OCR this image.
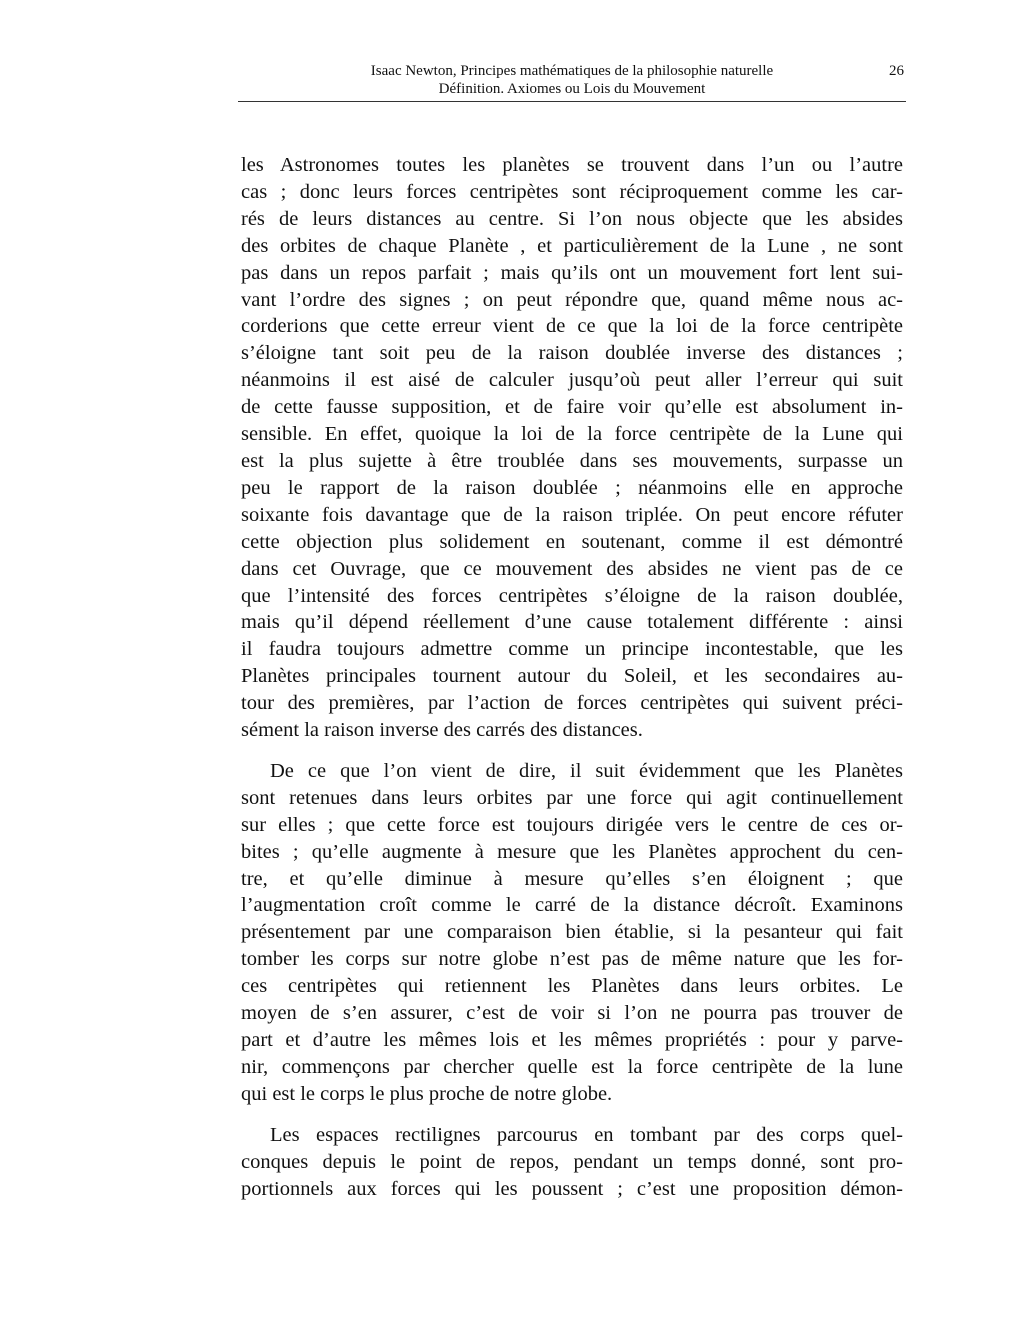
Isaac Newton, Principes mathématiques de la philosophie naturelle
Définition. Axiomes ou Lois du Mouvement
26

les Astronomes toutes les planètes se trouvent dans l’un ou l’autre
cas ; donc leurs forces centripètes sont réciproquement comme les car-
rés de leurs distances au centre. Si l’on nous objecte que les absides
des orbites de chaque Planète , et particulièrement de la Lune , ne sont
pas dans un repos parfait ; mais qu’ils ont un mouvement fort lent sui-
vant l’ordre des signes ; on peut répondre que, quand même nous ac-
corderions que cette erreur vient de ce que la loi de la force centripète
s’éloigne tant soit peu de la raison doublée inverse des distances ;
néanmoins il est aisé de calculer jusqu’où peut aller l’erreur qui suit
de cette fausse supposition, et de faire voir qu’elle est absolument in-
sensible. En effet, quoique la loi de la force centripète de la Lune qui
est la plus sujette à être troublée dans ses mouvements, surpasse un
peu le rapport de la raison doublée ; néanmoins elle en approche
soixante fois davantage que de la raison triplée. On peut encore réfuter
cette objection plus solidement en soutenant, comme il est démontré
dans cet Ouvrage, que ce mouvement des absides ne vient pas de ce
que l’intensité des forces centripètes s’éloigne de la raison doublée,
mais qu’il dépend réellement d’une cause totalement différente : ainsi
il faudra toujours admettre comme un principe incontestable, que les
Planètes principales tournent autour du Soleil, et les secondaires au-
tour des premières, par l’action de forces centripètes qui suivent préci-
sément la raison inverse des carrés des distances.

De ce que l’on vient de dire, il suit évidemment que les Planètes
sont retenues dans leurs orbites par une force qui agit continuellement
sur elles ; que cette force est toujours dirigée vers le centre de ces or-
bites ; qu’elle augmente à mesure que les Planètes approchent du cen-
tre, et qu’elle diminue à mesure qu’elles s’en éloignent ; que
l’augmentation croît comme le carré de la distance décroît. Examinons
présentement par une comparaison bien établie, si la pesanteur qui fait
tomber les corps sur notre globe n’est pas de même nature que les for-
ces centripètes qui retiennent les Planètes dans leurs orbites. Le
moyen de s’en assurer, c’est de voir si l’on ne pourra pas trouver de
part et d’autre les mêmes lois et les mêmes propriétés : pour y parve-
nir, commençons par chercher quelle est la force centripète de la lune
qui est le corps le plus proche de notre globe.

Les espaces rectilignes parcourus en tombant par des corps quel-
conques depuis le point de repos, pendant un temps donné, sont pro-
portionnels aux forces qui les poussent ; c’est une proposition démon-
